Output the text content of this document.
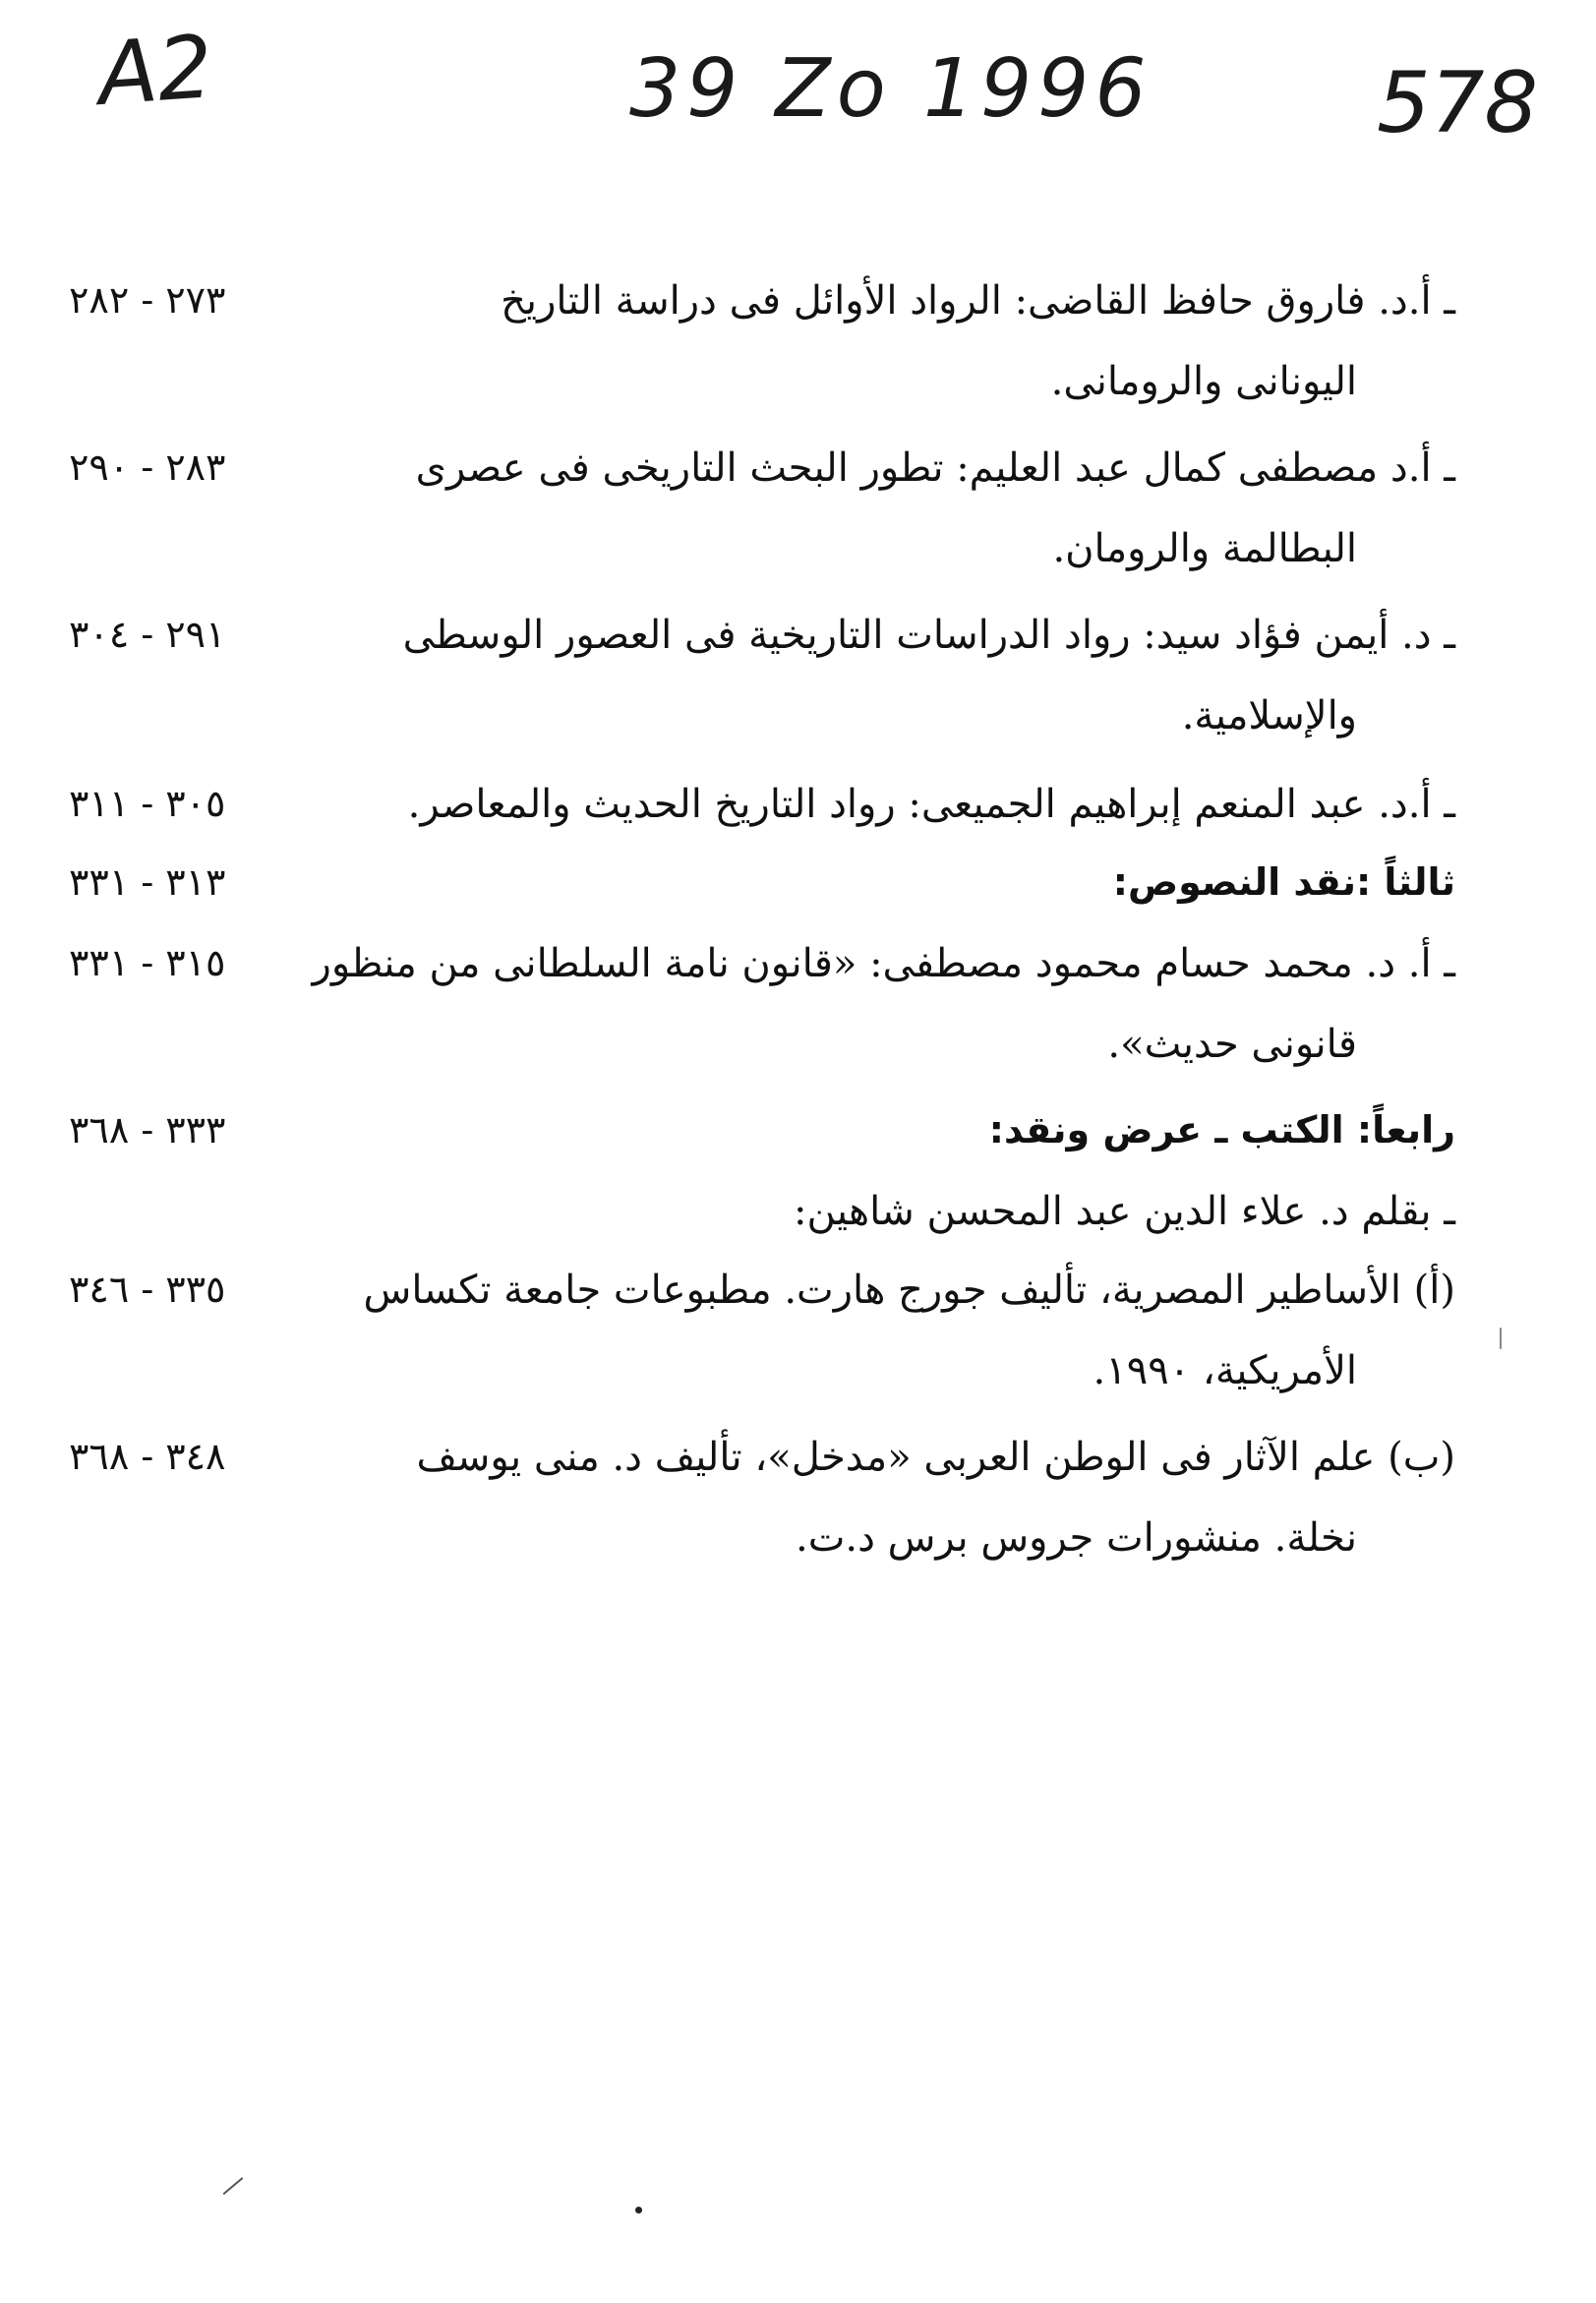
A2	39 Zo 1996	578
ـ أ.د. فاروق حافظ القاضى: الرواد الأوائل فى دراسة التاريخ
اليونانى والرومانى.
٢٧٣ - ٢٨٢
ـ أ.د مصطفى كمال عبد العليم: تطور البحث التاريخى فى عصرى
البطالمة والرومان.
٢٨٣ - ٢٩٠
ـ د. أيمن فؤاد سيد: رواد الدراسات التاريخية فى العصور الوسطى
والإسلامية.
٢٩١ - ٣٠٤
ـ أ.د. عبد المنعم إبراهيم الجميعى: رواد التاريخ الحديث والمعاصر.
٣٠٥ - ٣١١
ثالثاً :نقد النصوص:
٣١٣ - ٣٣١
ـ أ. د. محمد حسام محمود مصطفى: «قانون نامة السلطانى من منظور
قانونى حديث».
٣١٥ - ٣٣١
رابعاً: الكتب ـ عرض ونقد:
٣٣٣ - ٣٦٨
ـ بقلم د. علاء الدين عبد المحسن شاهين:
(أ) الأساطير المصرية، تأليف جورج هارت. مطبوعات جامعة تكساس
الأمريكية، ١٩٩٠.
٣٣٥ - ٣٤٦
(ب) علم الآثار فى الوطن العربى «مدخل»، تأليف د. منى يوسف
نخلة. منشورات جروس برس د.ت.
٣٤٨ - ٣٦٨
